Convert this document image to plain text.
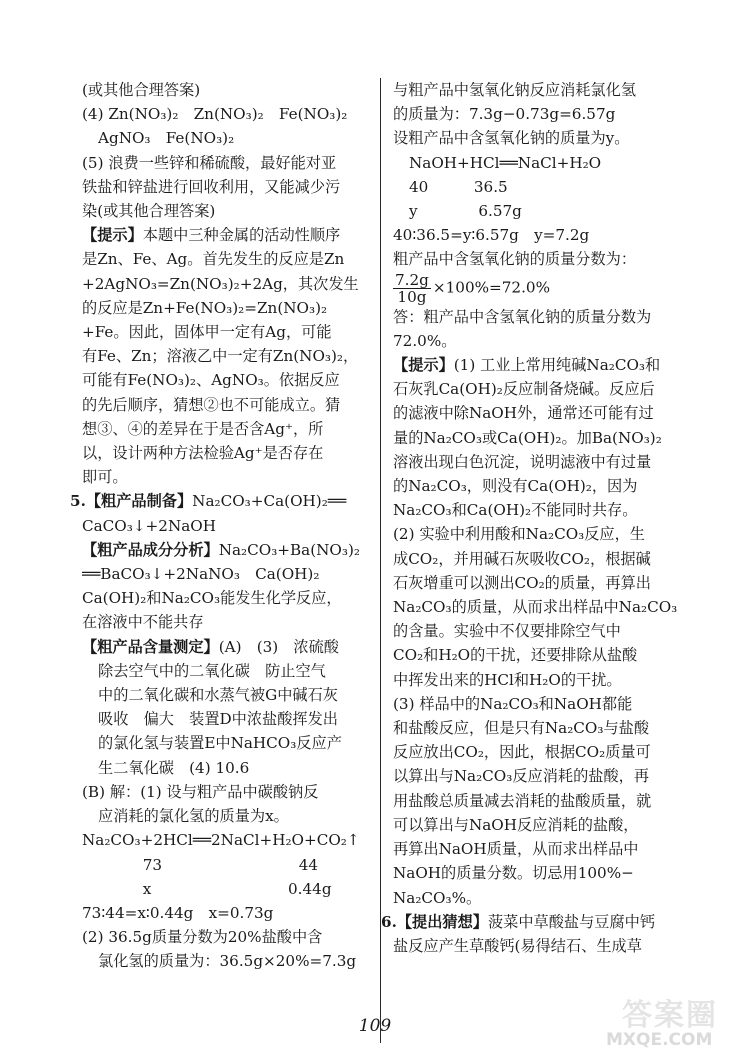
(或其他合理答案)
(4) Zn(NO₃)₂　Zn(NO₃)₂　Fe(NO₃)₂
AgNO₃　Fe(NO₃)₂
(5) 浪费一些锌和稀硫酸，最好能对亚
铁盐和锌盐进行回收利用，又能减少污
染(或其他合理答案)
【提示】本题中三种金属的活动性顺序
是Zn、Fe、Ag。首先发生的反应是Zn
+2AgNO₃=Zn(NO₃)₂+2Ag，其次发生
的反应是Zn+Fe(NO₃)₂=Zn(NO₃)₂
+Fe。因此，固体甲一定有Ag，可能
有Fe、Zn；溶液乙中一定有Zn(NO₃)₂，
可能有Fe(NO₃)₂、AgNO₃。依据反应
的先后顺序，猜想②也不可能成立。猜
想③、④的差异在于是否含Ag⁺，所
以，设计两种方法检验Ag⁺是否存在
即可。
5.【粗产品制备】Na₂CO₃+Ca(OH)₂══
CaCO₃↓+2NaOH
【粗产品成分分析】Na₂CO₃+Ba(NO₃)₂
══BaCO₃↓+2NaNO₃　Ca(OH)₂
Ca(OH)₂和Na₂CO₃能发生化学反应，
在溶液中不能共存
【粗产品含量测定】(A)　(3)　浓硫酸
除去空气中的二氧化碳　防止空气
中的二氧化碳和水蒸气被G中碱石灰
吸收　偏大　装置D中浓盐酸挥发出
的氯化氢与装置E中NaHCO₃反应产
生二氧化碳　(4) 10.6
(B) 解：(1) 设与粗产品中碳酸钠反
应消耗的氯化氢的质量为x。
Na₂CO₃+2HCl══2NaCl+H₂O+CO₂↑
　　　　73　　　　　　　　　44
　　　　x　　　　　　　　　0.44g
73∶44=x∶0.44g　x=0.73g
(2) 36.5g质量分数为20%盐酸中含
氯化氢的质量为：36.5g×20%=7.3g
与粗产品中氢氧化钠反应消耗氯化氢
的质量为：7.3g−0.73g=6.57g
设粗产品中含氢氧化钠的质量为y。
NaOH+HCl══NaCl+H₂O
40　　　36.5
y　　　　6.57g
40∶36.5=y∶6.57g　y=7.2g
粗产品中含氢氧化钠的质量分数为：
$\frac{7.2g}{10g} \times 100\%=72.0\%$
答：粗产品中含氢氧化钠的质量分数为
72.0%。
【提示】(1) 工业上常用纯碱Na₂CO₃和
石灰乳Ca(OH)₂反应制备烧碱。反应后
的滤液中除NaOH外，通常还可能有过
量的Na₂CO₃或Ca(OH)₂。加Ba(NO₃)₂
溶液出现白色沉淀，说明滤液中有过量
的Na₂CO₃，则没有Ca(OH)₂，因为
Na₂CO₃和Ca(OH)₂不能同时共存。
(2) 实验中利用酸和Na₂CO₃反应，生
成CO₂，并用碱石灰吸收CO₂，根据碱
石灰增重可以测出CO₂的质量，再算出
Na₂CO₃的质量，从而求出样品中Na₂CO₃
的含量。实验中不仅要排除空气中
CO₂和H₂O的干扰，还要排除从盐酸
中挥发出来的HCl和H₂O的干扰。
(3) 样品中的Na₂CO₃和NaOH都能
和盐酸反应，但是只有Na₂CO₃与盐酸
反应放出CO₂，因此，根据CO₂质量可
以算出与Na₂CO₃反应消耗的盐酸，再
用盐酸总质量减去消耗的盐酸质量，就
可以算出与NaOH反应消耗的盐酸，
再算出NaOH质量，从而求出样品中
NaOH的质量分数。切忌用100%−
Na₂CO₃%。
6.【提出猜想】菠菜中草酸盐与豆腐中钙
盐反应产生草酸钙(易得结石、生成草
109	答案圈
MXQE.COM
